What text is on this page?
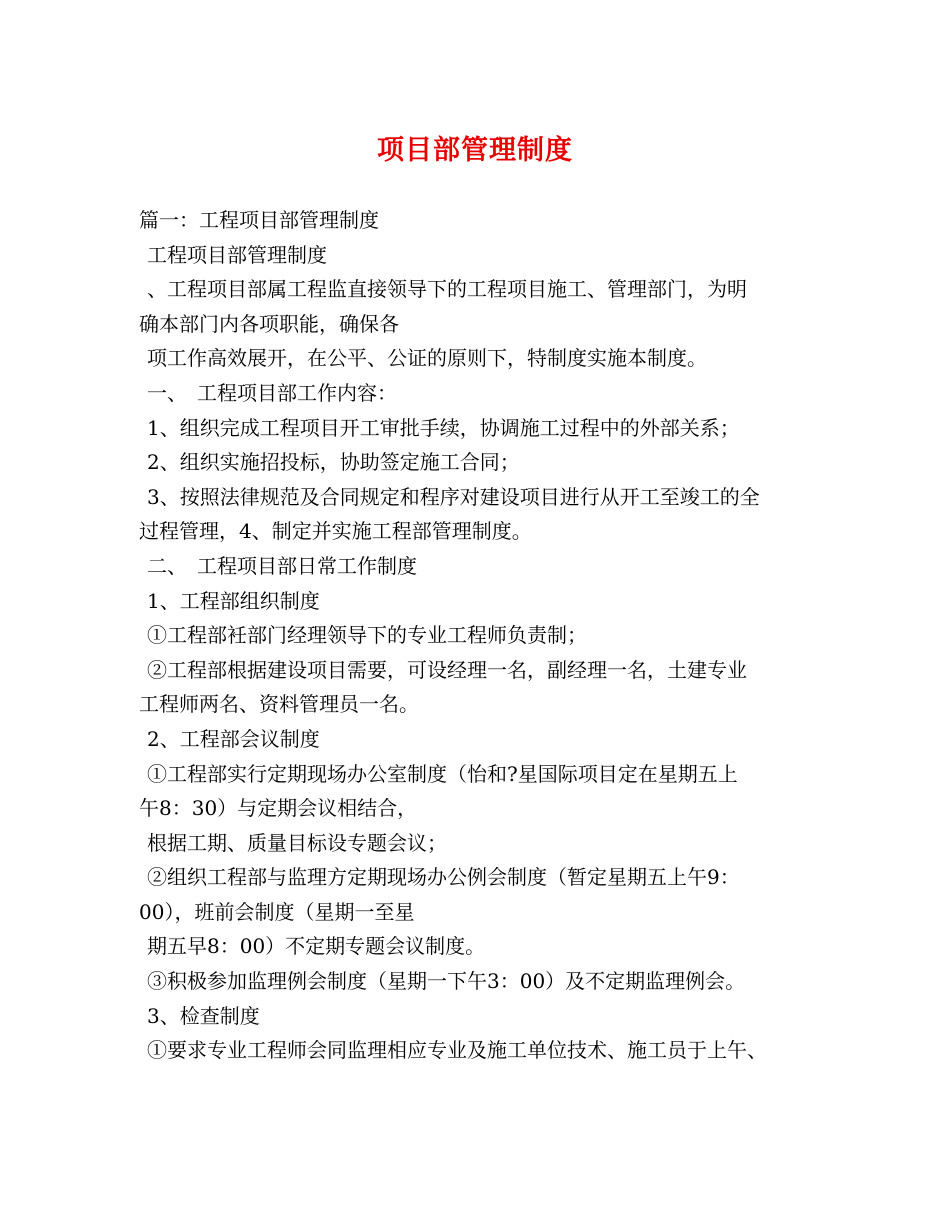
项目部管理制度
篇一：工程项目部管理制度
工程项目部管理制度
、工程项目部属工程监直接领导下的工程项目施工、管理部门，为明
确本部门内各项职能，确保各
项工作高效展开，在公平、公证的原则下，特制度实施本制度。
一、　工程项目部工作内容：
1、组织完成工程项目开工审批手续，协调施工过程中的外部关系；
2、组织实施招投标，协助签定施工合同；
3、按照法律规范及合同规定和程序对建设项目进行从开工至竣工的全
过程管理，4、制定并实施工程部管理制度。
二、　工程项目部日常工作制度
1、工程部组织制度
①工程部衽部门经理领导下的专业工程师负责制；
②工程部根据建设项目需要，可设经理一名，副经理一名，土建专业
工程师两名、资料管理员一名。
2、工程部会议制度
①工程部实行定期现场办公室制度（怡和?星国际项目定在星期五上
午8：30）与定期会议相结合，
根据工期、质量目标设专题会议；
②组织工程部与监理方定期现场办公例会制度（暂定星期五上午9：
00），班前会制度（星期一至星
期五早8：00）不定期专题会议制度。
③积极参加监理例会制度（星期一下午3：00）及不定期监理例会。
3、检查制度
①要求专业工程师会同监理相应专业及施工单位技术、施工员于上午、
